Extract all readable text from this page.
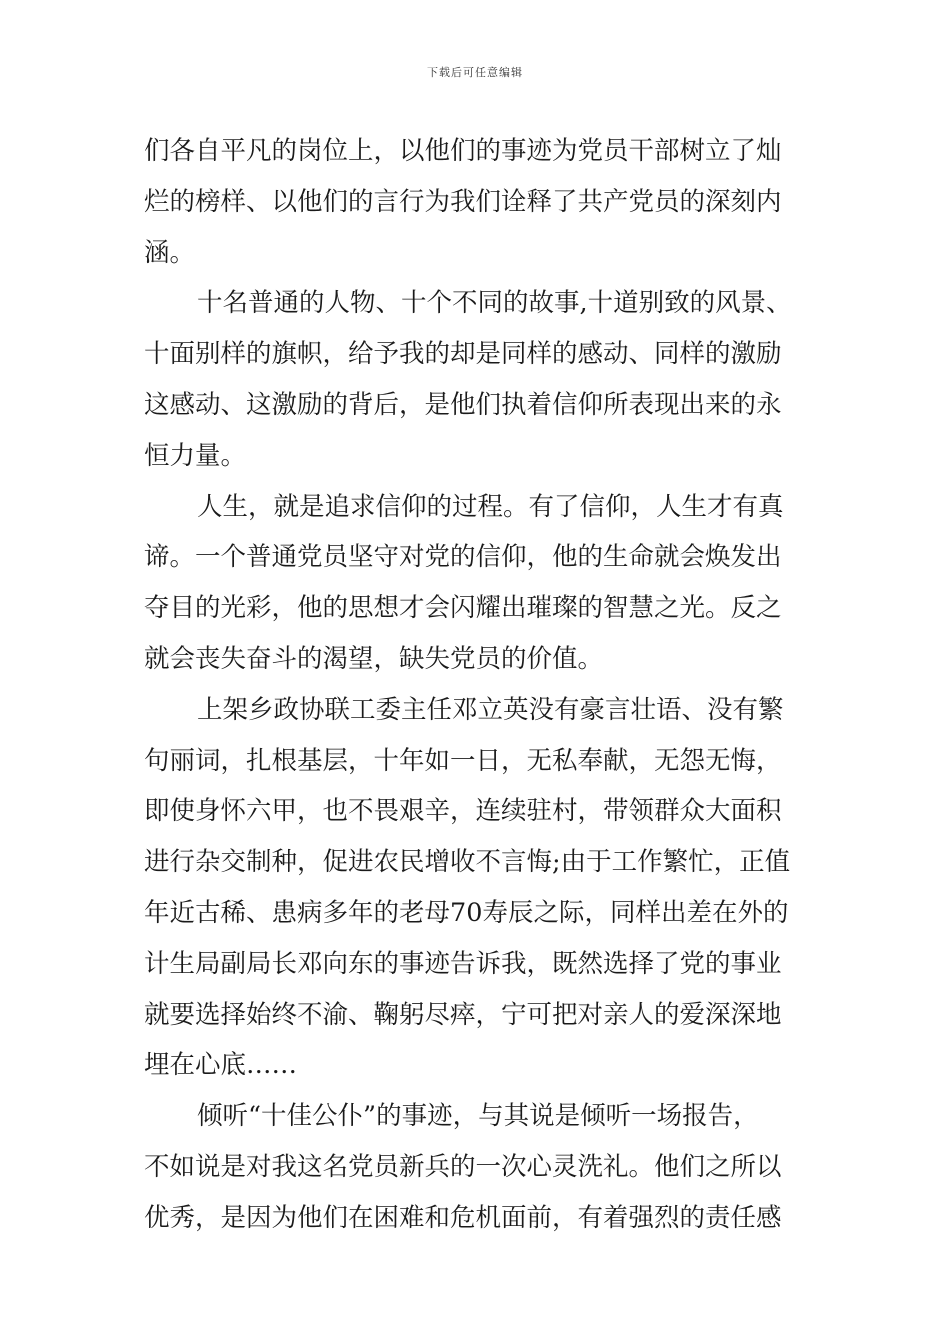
下载后可任意编辑
们各自平凡的岗位上，以他们的事迹为党员干部树立了灿
烂的榜样、以他们的言行为我们诠释了共产党员的深刻内
涵。
十名普通的人物、十个不同的故事,十道别致的风景、
十面别样的旗帜，给予我的却是同样的感动、同样的激励
这感动、这激励的背后，是他们执着信仰所表现出来的永
恒力量。
人生，就是追求信仰的过程。有了信仰，人生才有真
谛。一个普通党员坚守对党的信仰，他的生命就会焕发出
夺目的光彩，他的思想才会闪耀出璀璨的智慧之光。反之
就会丧失奋斗的渴望，缺失党员的价值。
上架乡政协联工委主任邓立英没有豪言壮语、没有繁
句丽词，扎根基层，十年如一日，无私奉献，无怨无悔，
即使身怀六甲，也不畏艰辛，连续驻村，带领群众大面积
进行杂交制种，促进农民增收不言悔;由于工作繁忙，正值
年近古稀、患病多年的老母70寿辰之际，同样出差在外的
计生局副局长邓向东的事迹告诉我，既然选择了党的事业
就要选择始终不渝、鞠躬尽瘁，宁可把对亲人的爱深深地
埋在心底……
倾听“十佳公仆”的事迹，与其说是倾听一场报告，
不如说是对我这名党员新兵的一次心灵洗礼。他们之所以
优秀，是因为他们在困难和危机面前，有着强烈的责任感
